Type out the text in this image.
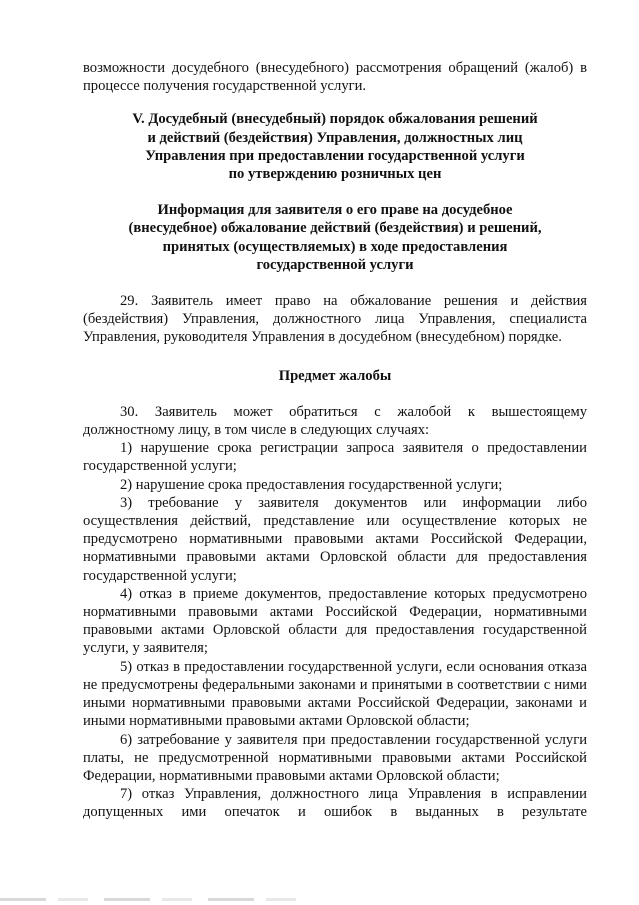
возможности досудебного (внесудебного) рассмотрения обращений (жалоб) в процессе получения государственной услуги.

V. Досудебный (внесудебный) порядок обжалования решений
и действий (бездействия) Управления, должностных лиц
Управления при предоставлении государственной услуги
по утверждению розничных цен
Информация для заявителя о его праве на досудебное
(внесудебное) обжалование действий (бездействия) и решений,
принятых (осуществляемых) в ходе предоставления
государственной услуги

29. Заявитель имеет право на обжалование решения и действия (бездействия) Управления, должностного лица Управления, специалиста Управления, руководителя Управления в досудебном (внесудебном) порядке.

Предмет жалобы

30. Заявитель может обратиться с жалобой к вышестоящему должностному лицу, в том числе в следующих случаях:

1) нарушение срока регистрации запроса заявителя о предоставлении государственной услуги;

2) нарушение срока предоставления государственной услуги;

3) требование у заявителя документов или информации либо осуществления действий, представление или осуществление которых не предусмотрено нормативными правовыми актами Российской Федерации, нормативными правовыми актами Орловской области для предоставления государственной услуги;

4) отказ в приеме документов, предоставление которых предусмотрено нормативными правовыми актами Российской Федерации, нормативными правовыми актами Орловской области для предоставления государственной услуги, у заявителя;

5) отказ в предоставлении государственной услуги, если основания отказа не предусмотрены федеральными законами и принятыми в соответствии с ними иными нормативными правовыми актами Российской Федерации, законами и иными нормативными правовыми актами Орловской области;

6) затребование у заявителя при предоставлении государственной услуги платы, не предусмотренной нормативными правовыми актами Российской Федерации, нормативными правовыми актами Орловской области;

7) отказ Управления, должностного лица Управления в исправлении допущенных ими опечаток и ошибок в выданных в результате
